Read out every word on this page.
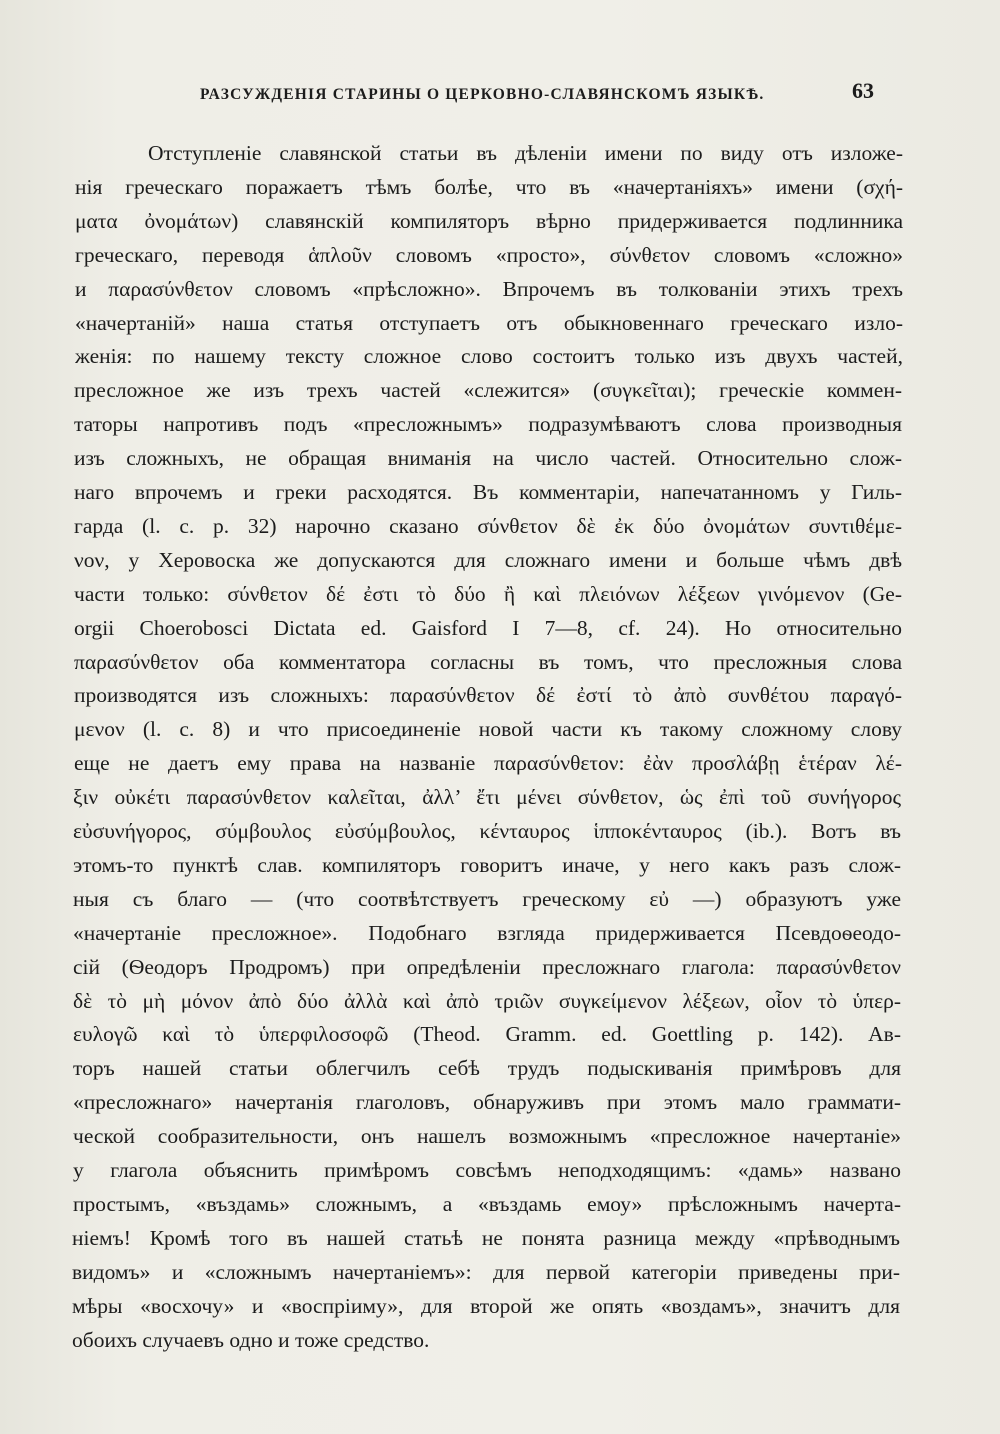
РАЗСУЖДЕНІЯ СТАРИНЫ О ЦЕРКОВНО-СЛАВЯНСКОМЪ ЯЗЫКѢ.	63
Отступленіе славянской статьи въ дѣленіи имени по виду отъ изложе-
нія греческаго поражаетъ тѣмъ болѣе, что въ «начертаніяхъ» имени (σχή-
ματα ὀνομάτων) славянскій компиляторъ вѣрно придерживается подлинника
греческаго, переводя ἁπλοῦν словомъ «просто», σύνθετον словомъ «сложно»
и παρασύνθετον словомъ «прѣсложно». Впрочемъ въ толкованіи этихъ трехъ
«начертаній» наша статья отступаетъ отъ обыкновеннаго греческаго изло-
женія: по нашему тексту сложное слово состоитъ только изъ двухъ частей,
пресложное же изъ трехъ частей «слежится» (συγκεῖται); греческіе коммен-
таторы напротивъ подъ «пресложнымъ» подразумѣваютъ слова производныя
изъ сложныхъ, не обращая вниманія на число частей. Относительно слож-
наго впрочемъ и греки расходятся. Въ комментаріи, напечатанномъ у Гиль-
гарда (l. c. p. 32) нарочно сказано σύνθετον δὲ ἐκ δύο ὀνομάτων συντιθέμε-
νον, у Херовоска же допускаются для сложнаго имени и больше чѣмъ двѣ
части только: σύνθετον δέ ἐστι τὸ δύο ἢ καὶ πλειόνων λέξεων γινόμενον (Ge-
orgii Choerobosci Dictata ed. Gaisford I 7—8, cf. 24). Но относительно
παρασύνθετον оба комментатора согласны въ томъ, что пресложныя слова
производятся изъ сложныхъ: παρασύνθετον δέ ἐστί τὸ ἀπὸ συνθέτου παραγό-
μενον (l. c. 8) и что присоединеніе новой части къ такому сложному слову
еще не даетъ ему права на названіе παρασύνθετον: ἐὰν προσλάβῃ ἑτέραν λέ-
ξιν οὐκέτι παρασύνθετον καλεῖται, ἀλλ’ ἔτι μένει σύνθετον, ὡς ἐπὶ τοῦ συνήγορος
εὐσυνήγορος, σύμβουλος εὐσύμβουλος, κένταυρος ἱπποκένταυρος (ib.). Вотъ въ
этомъ-то пунктѣ слав. компиляторъ говоритъ иначе, у него какъ разъ слож-
ныя съ благо — (что соотвѣтствуетъ греческому εὐ —) образуютъ уже
«начертаніе пресложное». Подобнаго взгляда придерживается Псевдоѳеодо-
сій (Ѳеодоръ Продромъ) при опредѣленіи пресложнаго глагола: παρασύνθετον
δὲ τὸ μὴ μόνον ἀπὸ δύο ἀλλὰ καὶ ἀπὸ τριῶν συγκείμενον λέξεων, οἷον τὸ ὑπερ-
ευλογῶ καὶ τὸ ὑπερφιλοσοφῶ (Theod. Gramm. ed. Goettling p. 142). Ав-
торъ нашей статьи облегчилъ себѣ трудъ подыскиванія примѣровъ для
«пресложнаго» начертанія глаголовъ, обнаруживъ при этомъ мало граммати-
ческой сообразительности, онъ нашелъ возможнымъ «пресложное начертаніе»
у глагола объяснить примѣромъ совсѣмъ неподходящимъ: «дамь» названо
простымъ, «въздамь» сложнымъ, а «въздамь емоу» прѣсложнымъ начерта-
ніемъ! Кромѣ того въ нашей статьѣ не понята разница между «прѣводнымъ
видомъ» и «сложнымъ начертаніемъ»: для первой категоріи приведены при-
мѣры «восхочу» и «воспріиму», для второй же опять «воздамъ», значитъ для
обоихъ случаевъ одно и тоже средство.
